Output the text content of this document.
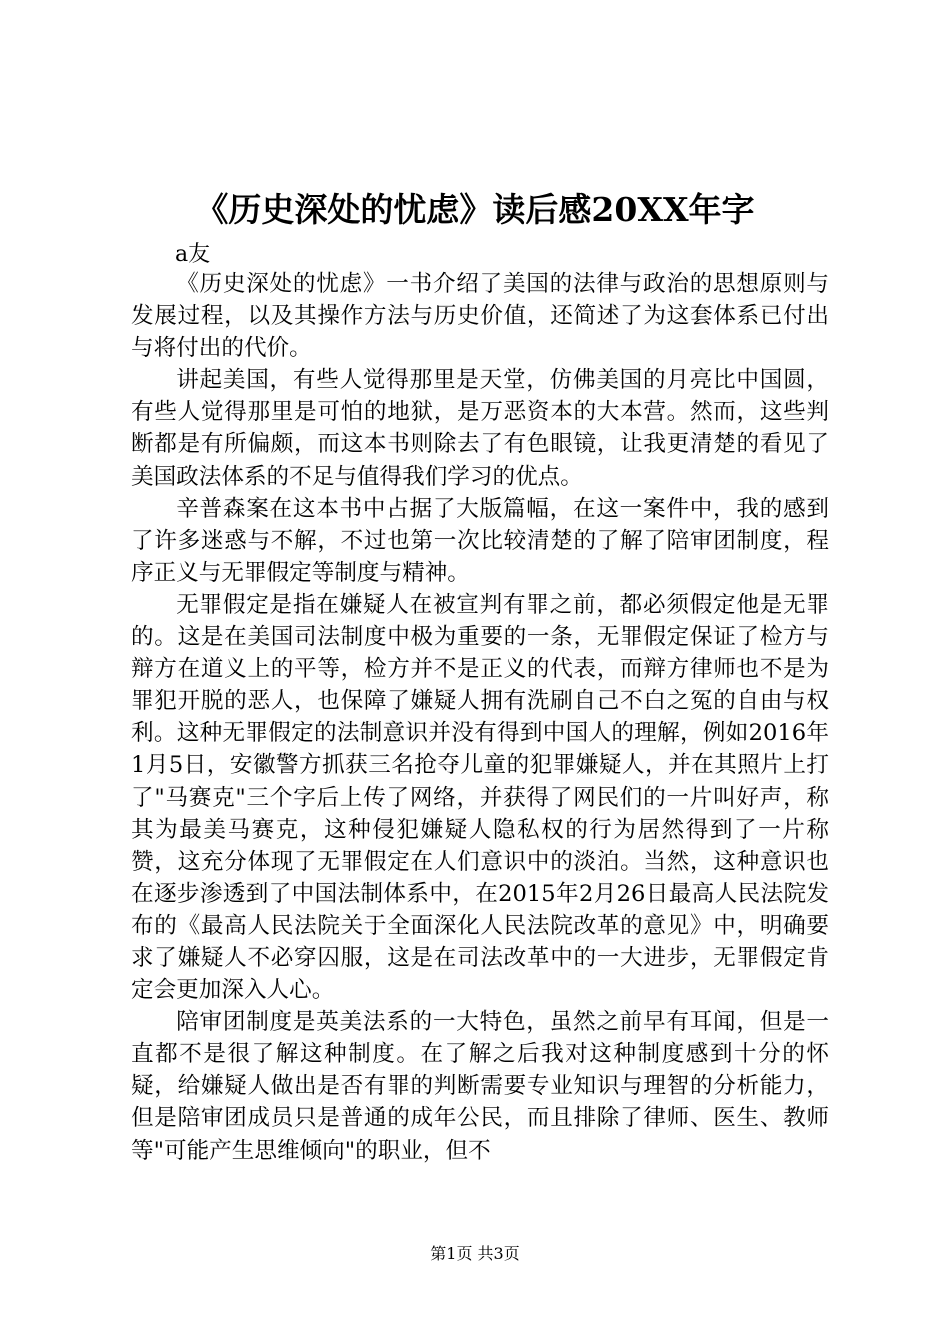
《历史深处的忧虑》读后感20XX年字
a友

《历史深处的忧虑》一书介绍了美国的法律与政治的思想原则与发展过程，以及其操作方法与历史价值，还简述了为这套体系已付出与将付出的代价。

讲起美国，有些人觉得那里是天堂，仿佛美国的月亮比中国圆，有些人觉得那里是可怕的地狱，是万恶资本的大本营。然而，这些判断都是有所偏颇，而这本书则除去了有色眼镜，让我更清楚的看见了美国政法体系的不足与值得我们学习的优点。

辛普森案在这本书中占据了大版篇幅，在这一案件中，我的感到了许多迷惑与不解，不过也第一次比较清楚的了解了陪审团制度，程序正义与无罪假定等制度与精神。

无罪假定是指在嫌疑人在被宣判有罪之前，都必须假定他是无罪的。这是在美国司法制度中极为重要的一条，无罪假定保证了检方与辩方在道义上的平等，检方并不是正义的代表，而辩方律师也不是为罪犯开脱的恶人，也保障了嫌疑人拥有洗刷自己不白之冤的自由与权利。这种无罪假定的法制意识并没有得到中国人的理解，例如2016年1月5日，安徽警方抓获三名抢夺儿童的犯罪嫌疑人，并在其照片上打了"马赛克"三个字后上传了网络，并获得了网民们的一片叫好声，称其为最美马赛克，这种侵犯嫌疑人隐私权的行为居然得到了一片称赞，这充分体现了无罪假定在人们意识中的淡泊。当然，这种意识也在逐步渗透到了中国法制体系中，在2015年2月26日最高人民法院发布的《最高人民法院关于全面深化人民法院改革的意见》中，明确要求了嫌疑人不必穿囚服，这是在司法改革中的一大进步，无罪假定肯定会更加深入人心。

陪审团制度是英美法系的一大特色，虽然之前早有耳闻，但是一直都不是很了解这种制度。在了解之后我对这种制度感到十分的怀疑，给嫌疑人做出是否有罪的判断需要专业知识与理智的分析能力，但是陪审团成员只是普通的成年公民，而且排除了律师、医生、教师等"可能产生思维倾向"的职业，但不

第1页 共3页
